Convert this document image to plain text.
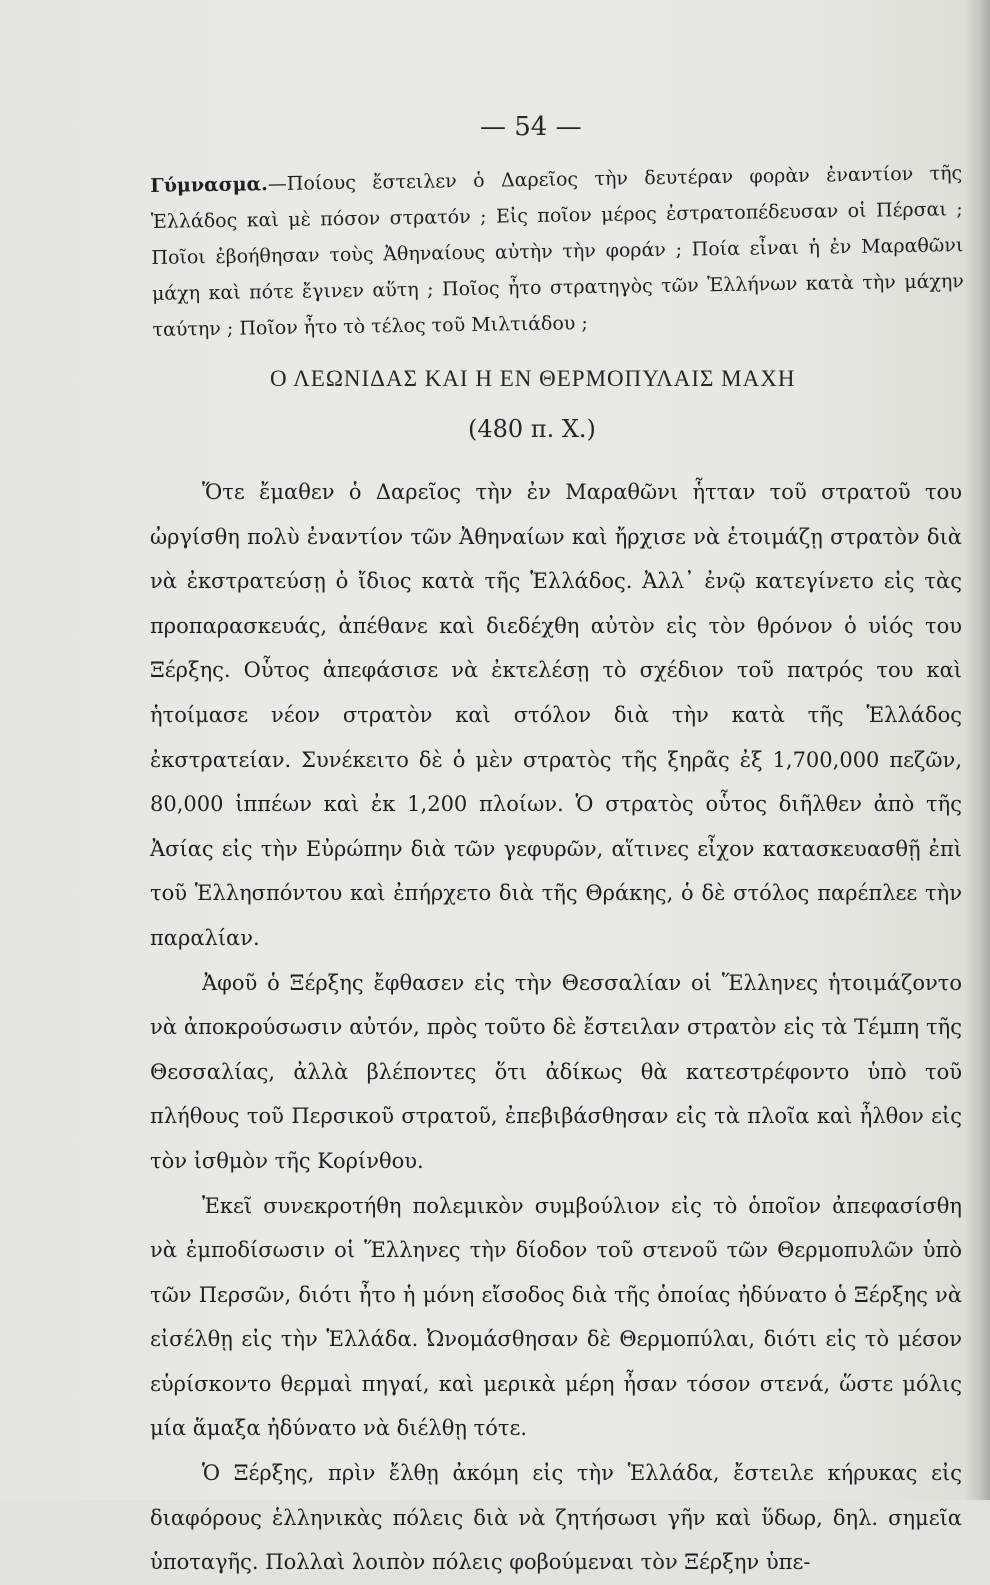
— 54 —
Γύμνασμα.—Ποίους ἔστειλεν ὁ Δαρεῖος τὴν δευτέραν φορὰν ἐναντίον τῆς Ἑλλάδος καὶ μὲ πόσον στρατόν ; Εἰς ποῖον μέρος ἐστρατοπέδευσαν οἱ Πέρσαι ; Ποῖοι ἐβοήθησαν τοὺς Ἀθηναίους αὐτὴν τὴν φοράν ; Ποία εἶναι ἡ ἐν Μαραθῶνι μάχη καὶ πότε ἔγινεν αὕτη ; Ποῖος ἦτο στρατηγὸς τῶν Ἑλλήνων κατὰ τὴν μάχην ταύτην ; Ποῖον ἦτο τὸ τέλος τοῦ Μιλτιάδου ;
Ο ΛΕΩΝΙΔΑΣ ΚΑΙ Η ΕΝ ΘΕΡΜΟΠΥΛΑΙΣ ΜΑΧΗ
(480 π. Χ.)

Ὅτε ἔμαθεν ὁ Δαρεῖος τὴν ἐν Μαραθῶνι ἧτταν τοῦ στρατοῦ του ὠργίσθη πολὺ ἐναντίον τῶν Ἀθηναίων καὶ ἤρχισε νὰ ἑτοιμάζῃ στρατὸν διὰ νὰ ἐκστρατεύσῃ ὁ ἴδιος κατὰ τῆς Ἑλλάδος. Ἀλλ᾽ ἐνῷ κατεγίνετο εἰς τὰς προπαρασκευάς, ἀπέθανε καὶ διεδέχθη αὐτὸν εἰς τὸν θρόνον ὁ υἱός του Ξέρξης. Οὗτος ἀπεφάσισε νὰ ἐκτελέσῃ τὸ σχέδιον τοῦ πατρός του καὶ ἡτοίμασε νέον στρατὸν καὶ στόλον διὰ τὴν κατὰ τῆς Ἑλλάδος ἐκστρατείαν. Συνέκειτο δὲ ὁ μὲν στρατὸς τῆς ξηρᾶς ἐξ 1,700,000 πεζῶν, 80,000 ἱππέων καὶ ἐκ 1,200 πλοίων. Ὁ στρατὸς οὗτος διῆλθεν ἀπὸ τῆς Ἀσίας εἰς τὴν Εὐρώπην διὰ τῶν γεφυρῶν, αἵτινες εἶχον κατασκευασθῇ ἐπὶ τοῦ Ἑλλησπόντου καὶ ἐπήρχετο διὰ τῆς Θράκης, ὁ δὲ στόλος παρέπλεε τὴν παραλίαν.

Ἀφοῦ ὁ Ξέρξης ἔφθασεν εἰς τὴν Θεσσαλίαν οἱ Ἕλληνες ἡτοιμάζοντο νὰ ἀποκρούσωσιν αὐτόν, πρὸς τοῦτο δὲ ἔστειλαν στρατὸν εἰς τὰ Τέμπη τῆς Θεσσαλίας, ἀλλὰ βλέποντες ὅτι ἀδίκως θὰ κατεστρέφοντο ὑπὸ τοῦ πλήθους τοῦ Περσικοῦ στρατοῦ, ἐπεβιβάσθησαν εἰς τὰ πλοῖα καὶ ἦλθον εἰς τὸν ἰσθμὸν τῆς Κορίνθου.

Ἐκεῖ συνεκροτήθη πολεμικὸν συμβούλιον εἰς τὸ ὁποῖον ἀπεφασίσθη νὰ ἐμποδίσωσιν οἱ Ἕλληνες τὴν δίοδον τοῦ στενοῦ τῶν Θερμοπυλῶν ὑπὸ τῶν Περσῶν, διότι ἦτο ἡ μόνη εἴσοδος διὰ τῆς ὁποίας ἠδύνατο ὁ Ξέρξης νὰ εἰσέλθῃ εἰς τὴν Ἑλλάδα. Ὠνομάσθησαν δὲ Θερμοπύλαι, διότι εἰς τὸ μέσον εὑρίσκοντο θερμαὶ πηγαί, καὶ μερικὰ μέρη ἦσαν τόσον στενά, ὥστε μόλις μία ἅμαξα ἠδύνατο νὰ διέλθῃ τότε.

Ὁ Ξέρξης, πρὶν ἔλθῃ ἀκόμη εἰς τὴν Ἑλλάδα, ἔστειλε κήρυκας εἰς διαφόρους ἑλληνικὰς πόλεις διὰ νὰ ζητήσωσι γῆν καὶ ὕδωρ, δηλ. σημεῖα ὑποταγῆς. Πολλαὶ λοιπὸν πόλεις φοβούμεναι τὸν Ξέρξην ὑπε-
